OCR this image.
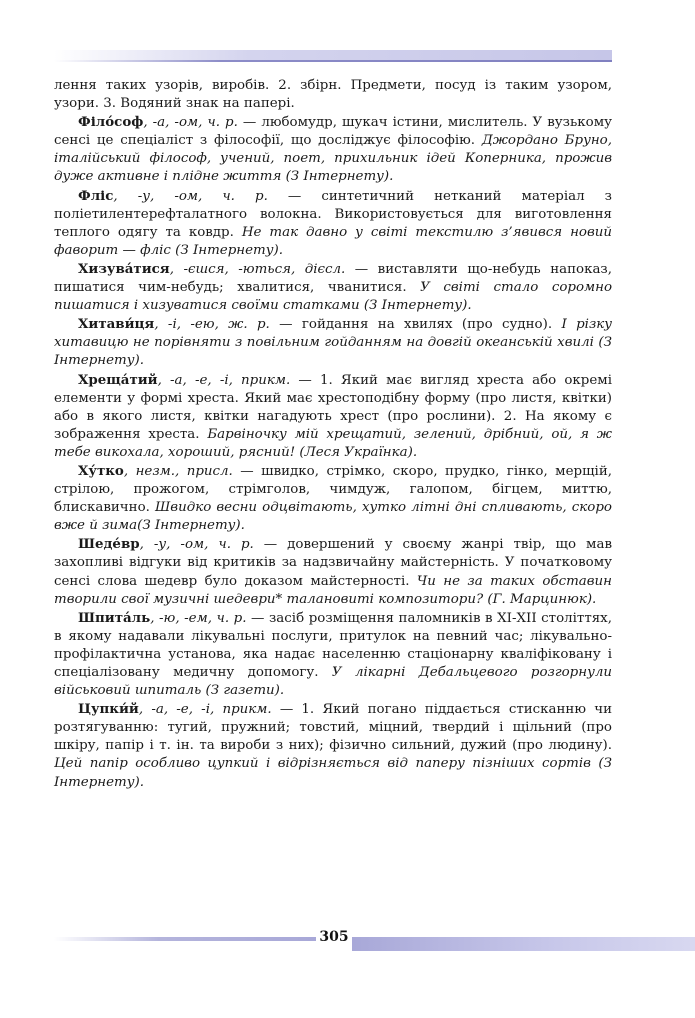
лення таких узорів, виробів. 2. збірн. Предмети, посуд із таким узором, узори. 3. Водяний знак на папері.

Філо́соф, -а, -ом, ч. р. — любомудр, шукач істини, мислитель. У вузькому сенсі це спеціаліст з філософії, що досліджує філософію. Джордано Бруно, італійський філософ, учений, поет, прихильник ідей Коперника, прожив дуже активне і плідне життя (З Інтернету).

Фліс, -у, -ом, ч. р. — синтетичний нетканий матеріал з поліетилентерефталатного волокна. Використовується для виготовлення теплого одягу та ковдр. Не так давно у світі текстилю з’явився новий фаворит — фліс (З Інтернету).

Хизува́тися, -єшся, -ються, дієсл. — виставляти що-небудь напоказ, пишатися чим-небудь; хвалитися, чванитися. У світі стало соромно пишатися і хизуватися своїми статками (З Інтернету).

Хитави́ця, -і, -ею, ж. р. — гойдання на хвилях (про судно). І різку хитавицю не порівняти з повільним гойданням на довгій океанській хвилі (З Інтернету).

Хреща́тий, -а, -е, -і, прикм. — 1. Який має вигляд хреста або окремі елементи у формі хреста. Який має хрестоподібну форму (про листя, квітки) або в якого листя, квітки нагадують хрест (про рослини). 2. На якому є зображення хреста. Барвіночку мій хрещатий, зелений, дрібний, ой, я ж тебе викохала, хороший, рясний! (Леся Українка).

Ху́тко, незм., присл. — швидко, стрімко, скоро, прудко, гінко, мерщій, стрілою, прожогом, стрімголов, чимдуж, галопом, бігцем, миттю, блискавично. Швидко весни одцвітають, хутко літні дні спливають, скоро вже й зима(З Інтернету).

Шеде́вр, -у, -ом, ч. р. — довершений у своєму жанрі твір, що мав захопливі відгуки від критиків за надзвичайну майстерність. У початковому сенсі слова шедевр було доказом майстерності. Чи не за таких обставин творили свої музичні шедеври* талановиті композитори? (Г. Марцинюк).

Шпита́ль, -ю, -ем, ч. р. — засіб розміщення паломників в ХІ-ХІІ століттях, в якому надавали лікувальні послуги, притулок на певний час; лікувально-профілактична установа, яка надає населенню стаціонарну кваліфіковану і спеціалізовану медичну допомогу. У лікарні Дебальцевого розгорнули військовий шпиталь (З газети).

Цупки́й, -а, -е, -і, прикм. — 1. Який погано піддається стисканню чи розтягуванню: тугий, пружний; товстий, міцний, твердий і щільний (про шкіру, папір і т. ін. та вироби з них); фізично сильний, дужий (про людину). Цей папір особливо цупкий і відрізняється від паперу пізніших сортів (З Інтернету).

305
